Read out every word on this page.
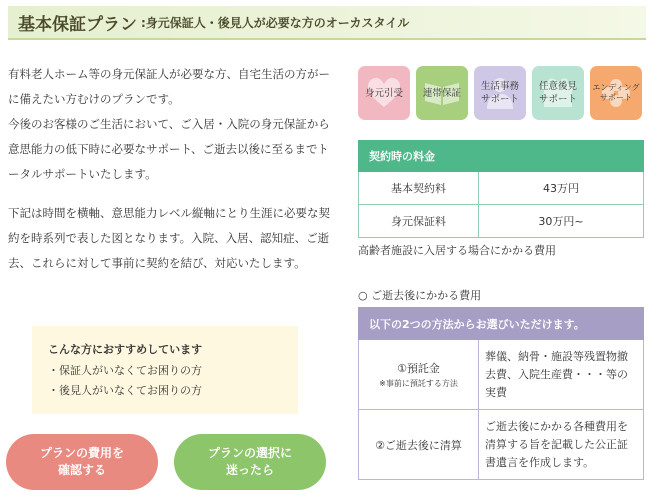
基本保証プラン :身元保証人・後見人が必要な方のオーカスタイル

有料老人ホーム等の身元保証人が必要な方、自宅生活の方がーに備えたい方むけのプランです。

今後のお客様のご生活において、ご入居・入院の身元保証から意思能力の低下時に必要なサポート、ご逝去以後に至るまでトータルサポートいたします。

下記は時間を横軸、意思能力レベル縦軸にとり生涯に必要な契約を時系列で表した図となります。入院、入居、認知症、ご逝去、これらに対して事前に契約を結び、対応いたします。

こんな方におすすめしています
・保証人がいなくてお困りの方
・後見人がいなくてお困りの方
プランの費用を
確認する
プランの選択に
迷ったら
身元引受 連帯保証
生活事務
サポート
任意後見
サポート
エンディング
サポート
契約時の料金	
基本契約料	43万円
身元保証料	30万円~
高齢者施設に入居する場合にかかる費用
○ ご逝去後にかかる費用
以下の2つの方法からお選びいただけます。	
①預託金
※事前に預託する方法	葬儀、納骨・施設等残置物撤去費、入院生産費・・・等の実費
②ご逝去後に清算	ご逝去後にかかる各種費用を清算する旨を記載した公正証書遺言を作成します。
